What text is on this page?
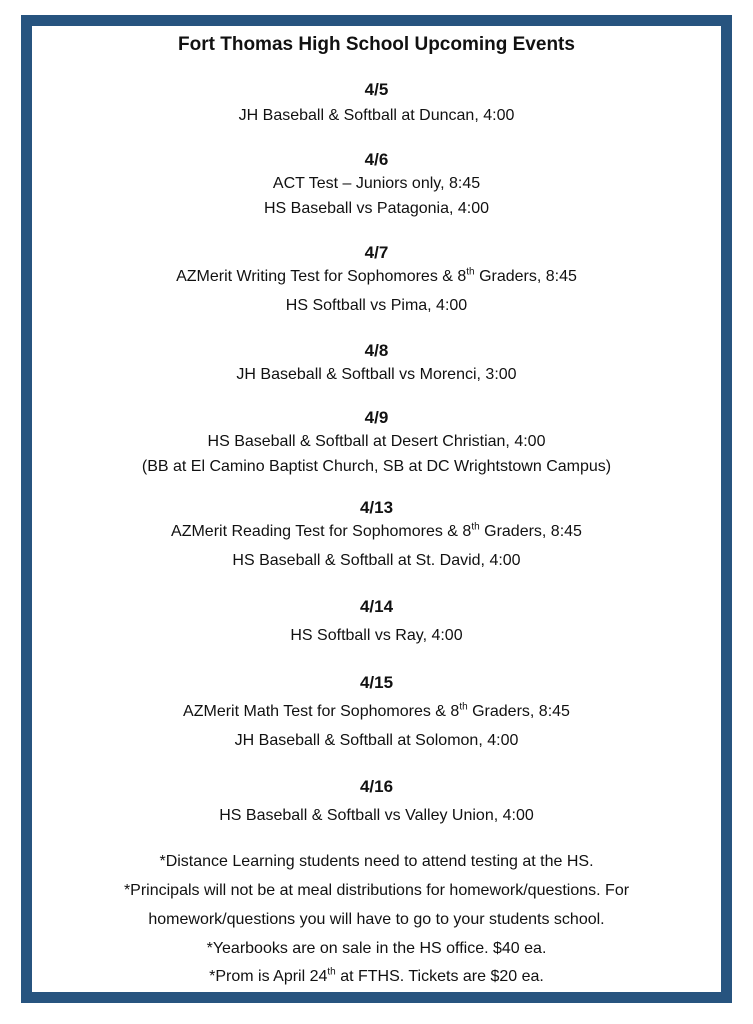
Fort Thomas High School Upcoming Events
4/5
JH Baseball & Softball at Duncan, 4:00
4/6
ACT Test – Juniors only, 8:45
HS Baseball vs Patagonia, 4:00
4/7
AZMerit Writing Test for Sophomores & 8th Graders, 8:45
HS Softball vs Pima, 4:00
4/8
JH Baseball & Softball vs Morenci, 3:00
4/9
HS Baseball & Softball at Desert Christian, 4:00
(BB at El Camino Baptist Church, SB at DC Wrightstown Campus)
4/13
AZMerit Reading Test for Sophomores & 8th Graders, 8:45
HS Baseball & Softball at St. David, 4:00
4/14
HS Softball vs Ray, 4:00
4/15
AZMerit Math Test for Sophomores & 8th Graders, 8:45
JH Baseball & Softball at Solomon, 4:00
4/16
HS Baseball & Softball vs Valley Union, 4:00
*Distance Learning students need to attend testing at the HS.
*Principals will not be at meal distributions for homework/questions. For
homework/questions you will have to go to your students school.
*Yearbooks are on sale in the HS office. $40 ea.
*Prom is April 24th at FTHS. Tickets are $20 ea.
